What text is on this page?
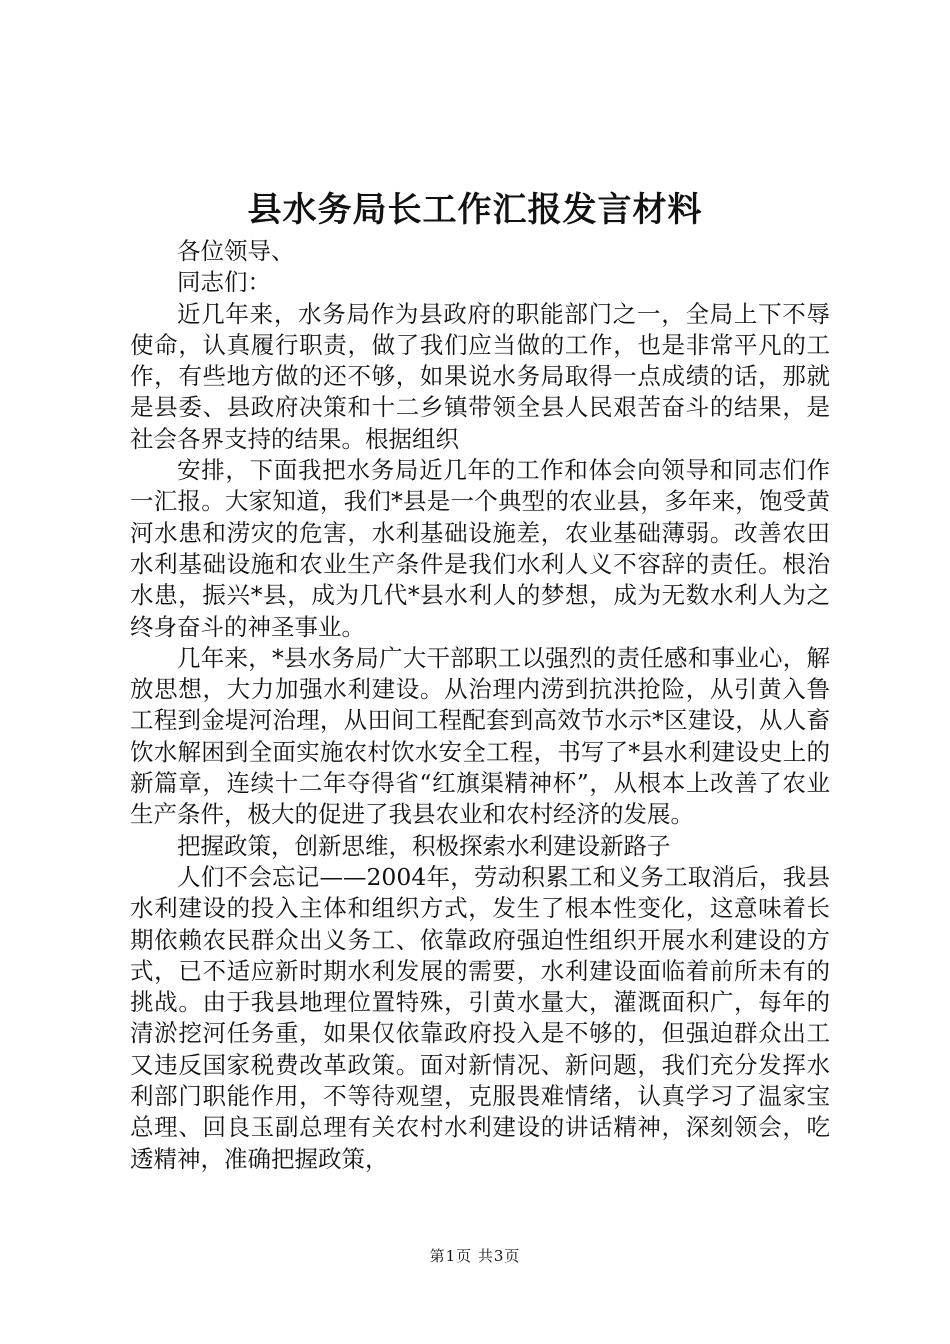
县水务局长工作汇报发言材料

各位领导、

同志们：

近几年来，水务局作为县政府的职能部门之一，全局上下不辱使命，认真履行职责，做了我们应当做的工作，也是非常平凡的工作，有些地方做的还不够，如果说水务局取得一点成绩的话，那就是县委、县政府决策和十二乡镇带领全县人民艰苦奋斗的结果，是社会各界支持的结果。根据组织

安排，下面我把水务局近几年的工作和体会向领导和同志们作一汇报。大家知道，我们*县是一个典型的农业县，多年来，饱受黄河水患和涝灾的危害，水利基础设施差，农业基础薄弱。改善农田水利基础设施和农业生产条件是我们水利人义不容辞的责任。根治水患，振兴*县，成为几代*县水利人的梦想，成为无数水利人为之终身奋斗的神圣事业。

几年来，*县水务局广大干部职工以强烈的责任感和事业心，解放思想，大力加强水利建设。从治理内涝到抗洪抢险，从引黄入鲁工程到金堤河治理，从田间工程配套到高效节水示*区建设，从人畜饮水解困到全面实施农村饮水安全工程，书写了*县水利建设史上的新篇章，连续十二年夺得省“红旗渠精神杯”，从根本上改善了农业生产条件，极大的促进了我县农业和农村经济的发展。

把握政策，创新思维，积极探索水利建设新路子

人们不会忘记——2004年，劳动积累工和义务工取消后，我县水利建设的投入主体和组织方式，发生了根本性变化，这意味着长期依赖农民群众出义务工、依靠政府强迫性组织开展水利建设的方式，已不适应新时期水利发展的需要，水利建设面临着前所未有的挑战。由于我县地理位置特殊，引黄水量大，灌溉面积广，每年的清淤挖河任务重，如果仅依靠政府投入是不够的，但强迫群众出工又违反国家税费改革政策。面对新情况、新问题，我们充分发挥水利部门职能作用，不等待观望，克服畏难情绪，认真学习了温家宝总理、回良玉副总理有关农村水利建设的讲话精神，深刻领会，吃透精神，准确把握政策，

第1页 共3页
